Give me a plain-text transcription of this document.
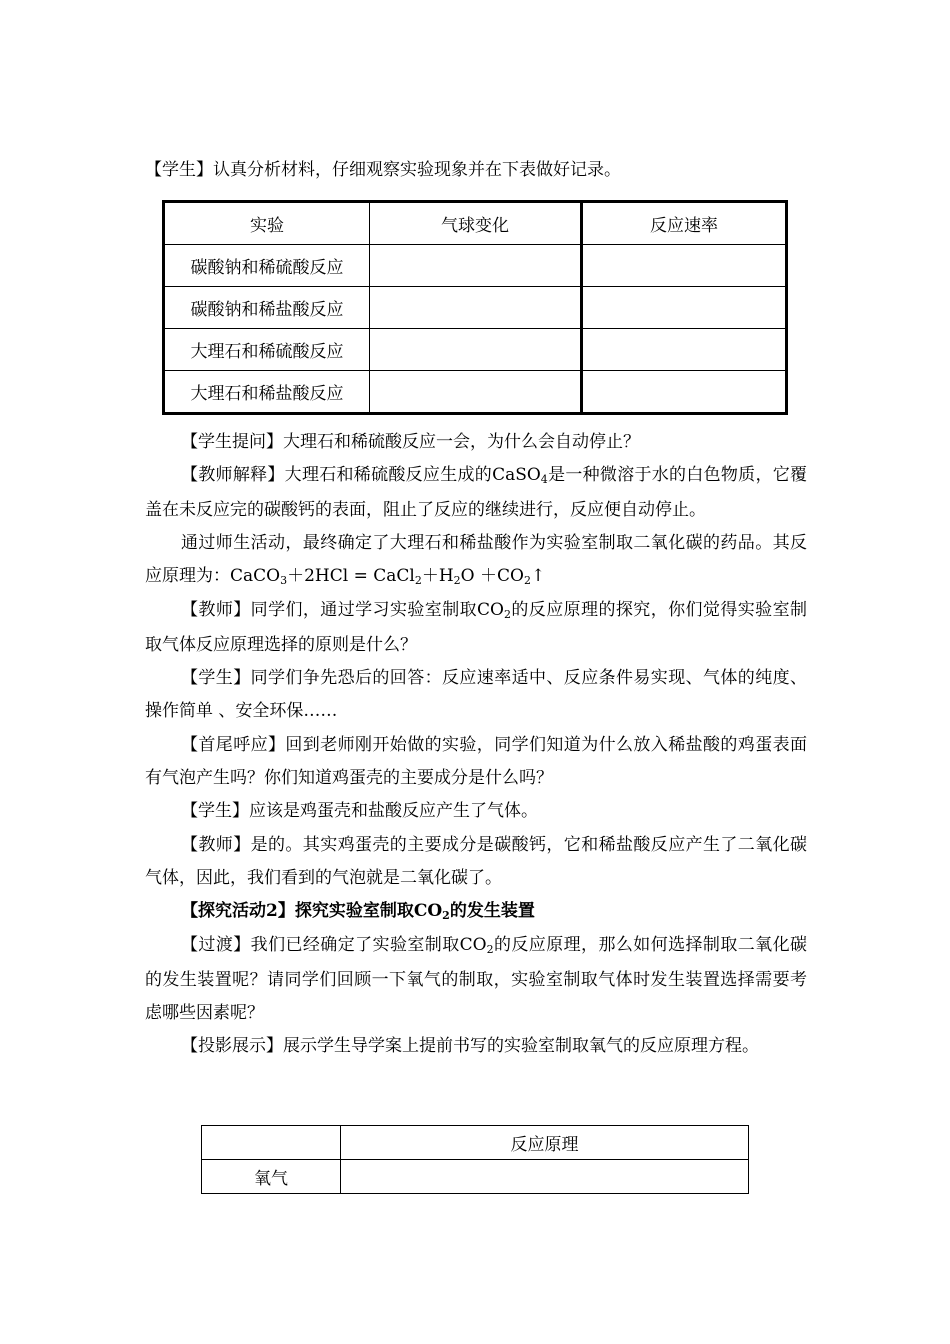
【学生】认真分析材料，仔细观察实验现象并在下表做好记录。

实验	气球变化	反应速率
碳酸钠和稀硫酸反应		
碳酸钠和稀盐酸反应		
大理石和稀硫酸反应		
大理石和稀盐酸反应		

【学生提问】大理石和稀硫酸反应一会，为什么会自动停止？

【教师解释】大理石和稀硫酸反应生成的CaSO$_4$是一种微溶于水的白色物质，它覆盖在未反应完的碳酸钙的表面，阻止了反应的继续进行，反应便自动停止。

通过师生活动，最终确定了大理石和稀盐酸作为实验室制取二氧化碳的药品。其反应原理为：CaCO$_3$＋2HCl = $CaCl_2+H_2O$ $+CO_2↑$

【教师】同学们，通过学习实验室制取$CO_2$的反应原理的探究，你们觉得实验室制取气体反应原理选择的原则是什么？

【学生】同学们争先恐后的回答：反应速率适中、反应条件易实现、气体的纯度、操作简单 、安全环保……

【首尾呼应】回到老师刚开始做的实验，同学们知道为什么放入稀盐酸的鸡蛋表面有气泡产生吗？你们知道鸡蛋壳的主要成分是什么吗？

【学生】应该是鸡蛋壳和盐酸反应产生了气体。

【教师】是的。其实鸡蛋壳的主要成分是碳酸钙，它和稀盐酸反应产生了二氧化碳气体，因此，我们看到的气泡就是二氧化碳了。

【探究活动2】探究实验室制取$CO_2$的发生装置

【过渡】我们已经确定了实验室制取$CO_2$的反应原理，那么如何选择制取二氧化碳的发生装置呢？请同学们回顾一下氧气的制取，实验室制取气体时发生装置选择需要考虑哪些因素呢？

【投影展示】展示学生导学案上提前书写的实验室制取氧气的反应原理方程。

	反应原理
氧气	
